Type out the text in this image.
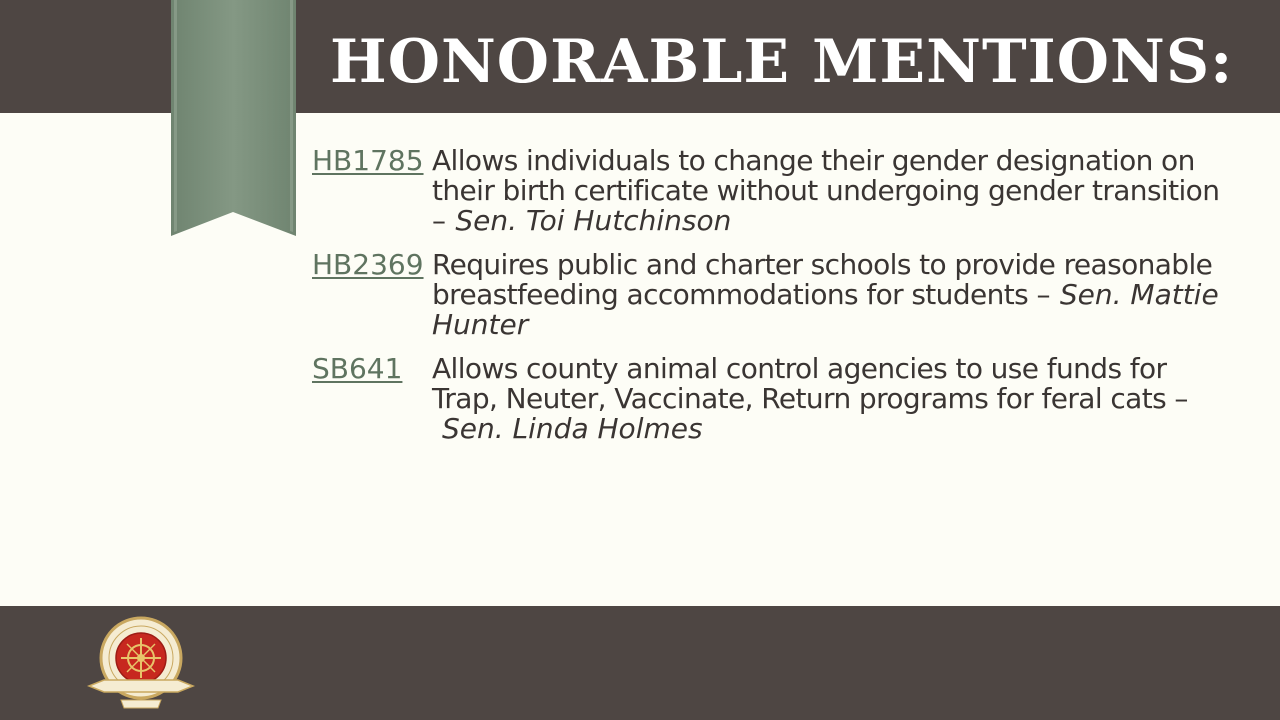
HONORABLE MENTIONS:
HB1785 Allows individuals to change their gender designation on their birth certificate without undergoing gender transition – Sen. Toi Hutchinson
HB2369 Requires public and charter schools to provide reasonable breastfeeding accommodations for students – Sen. Mattie Hunter
SB641	Allows county animal control agencies to use funds for Trap, Neuter, Vaccinate, Return programs for feral cats –Sen. Linda Holmes
